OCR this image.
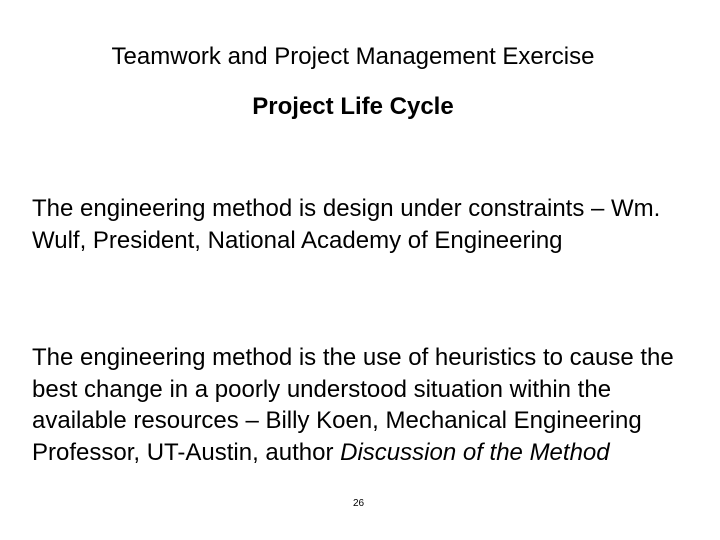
Teamwork and Project Management Exercise
Project Life Cycle
The engineering method is design under constraints – Wm. Wulf, President, National Academy of Engineering
The engineering method is the use of heuristics to cause the best change in a poorly understood situation within the available resources – Billy Koen, Mechanical Engineering Professor, UT-Austin, author Discussion of the Method
26
